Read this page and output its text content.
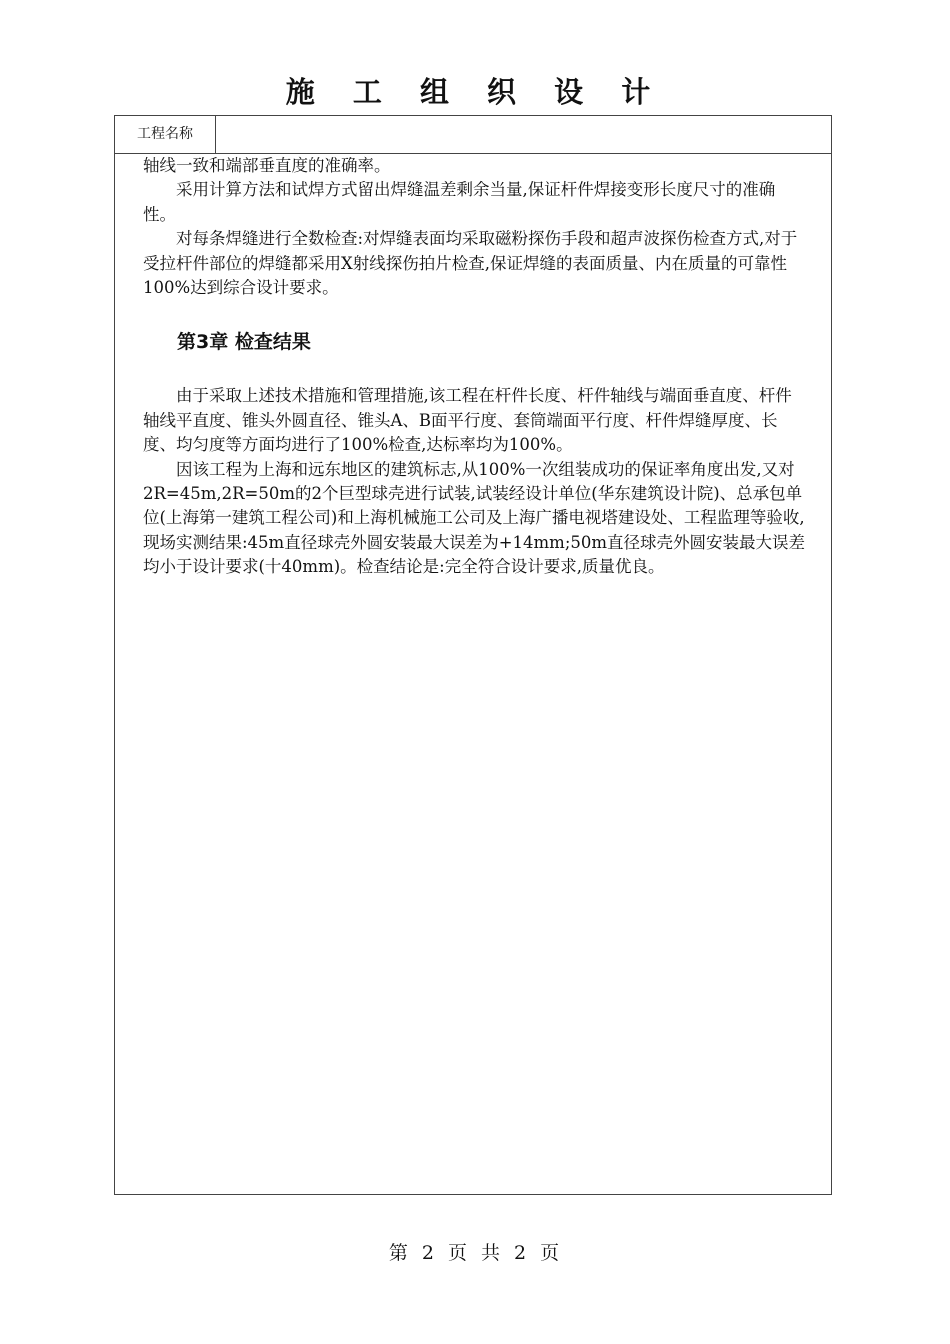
施 工 组 织 设 计
工程名称

轴线一致和端部垂直度的准确率。

采用计算方法和试焊方式留出焊缝温差剩余当量,保证杆件焊接变形长度尺寸的准确性。

对每条焊缝进行全数检查:对焊缝表面均采取磁粉探伤手段和超声波探伤检查方式,对于受拉杆件部位的焊缝都采用X射线探伤拍片检查,保证焊缝的表面质量、内在质量的可靠性100%达到综合设计要求。

第3章 检查结果

由于采取上述技术措施和管理措施,该工程在杆件长度、杆件轴线与端面垂直度、杆件轴线平直度、锥头外圆直径、锥头A、B面平行度、套筒端面平行度、杆件焊缝厚度、长度、均匀度等方面均进行了100%检查,达标率均为100%。

因该工程为上海和远东地区的建筑标志,从100%一次组装成功的保证率角度出发,又对2R=45m,2R=50m的2个巨型球壳进行试装,试装经设计单位(华东建筑设计院)、总承包单位(上海第一建筑工程公司)和上海机械施工公司及上海广播电视塔建设处、工程监理等验收,现场实测结果:45m直径球壳外圆安装最大误差为+14mm;50m直径球壳外圆安装最大误差均小于设计要求(十40mm)。检查结论是:完全符合设计要求,质量优良。

第 2 页 共 2 页
